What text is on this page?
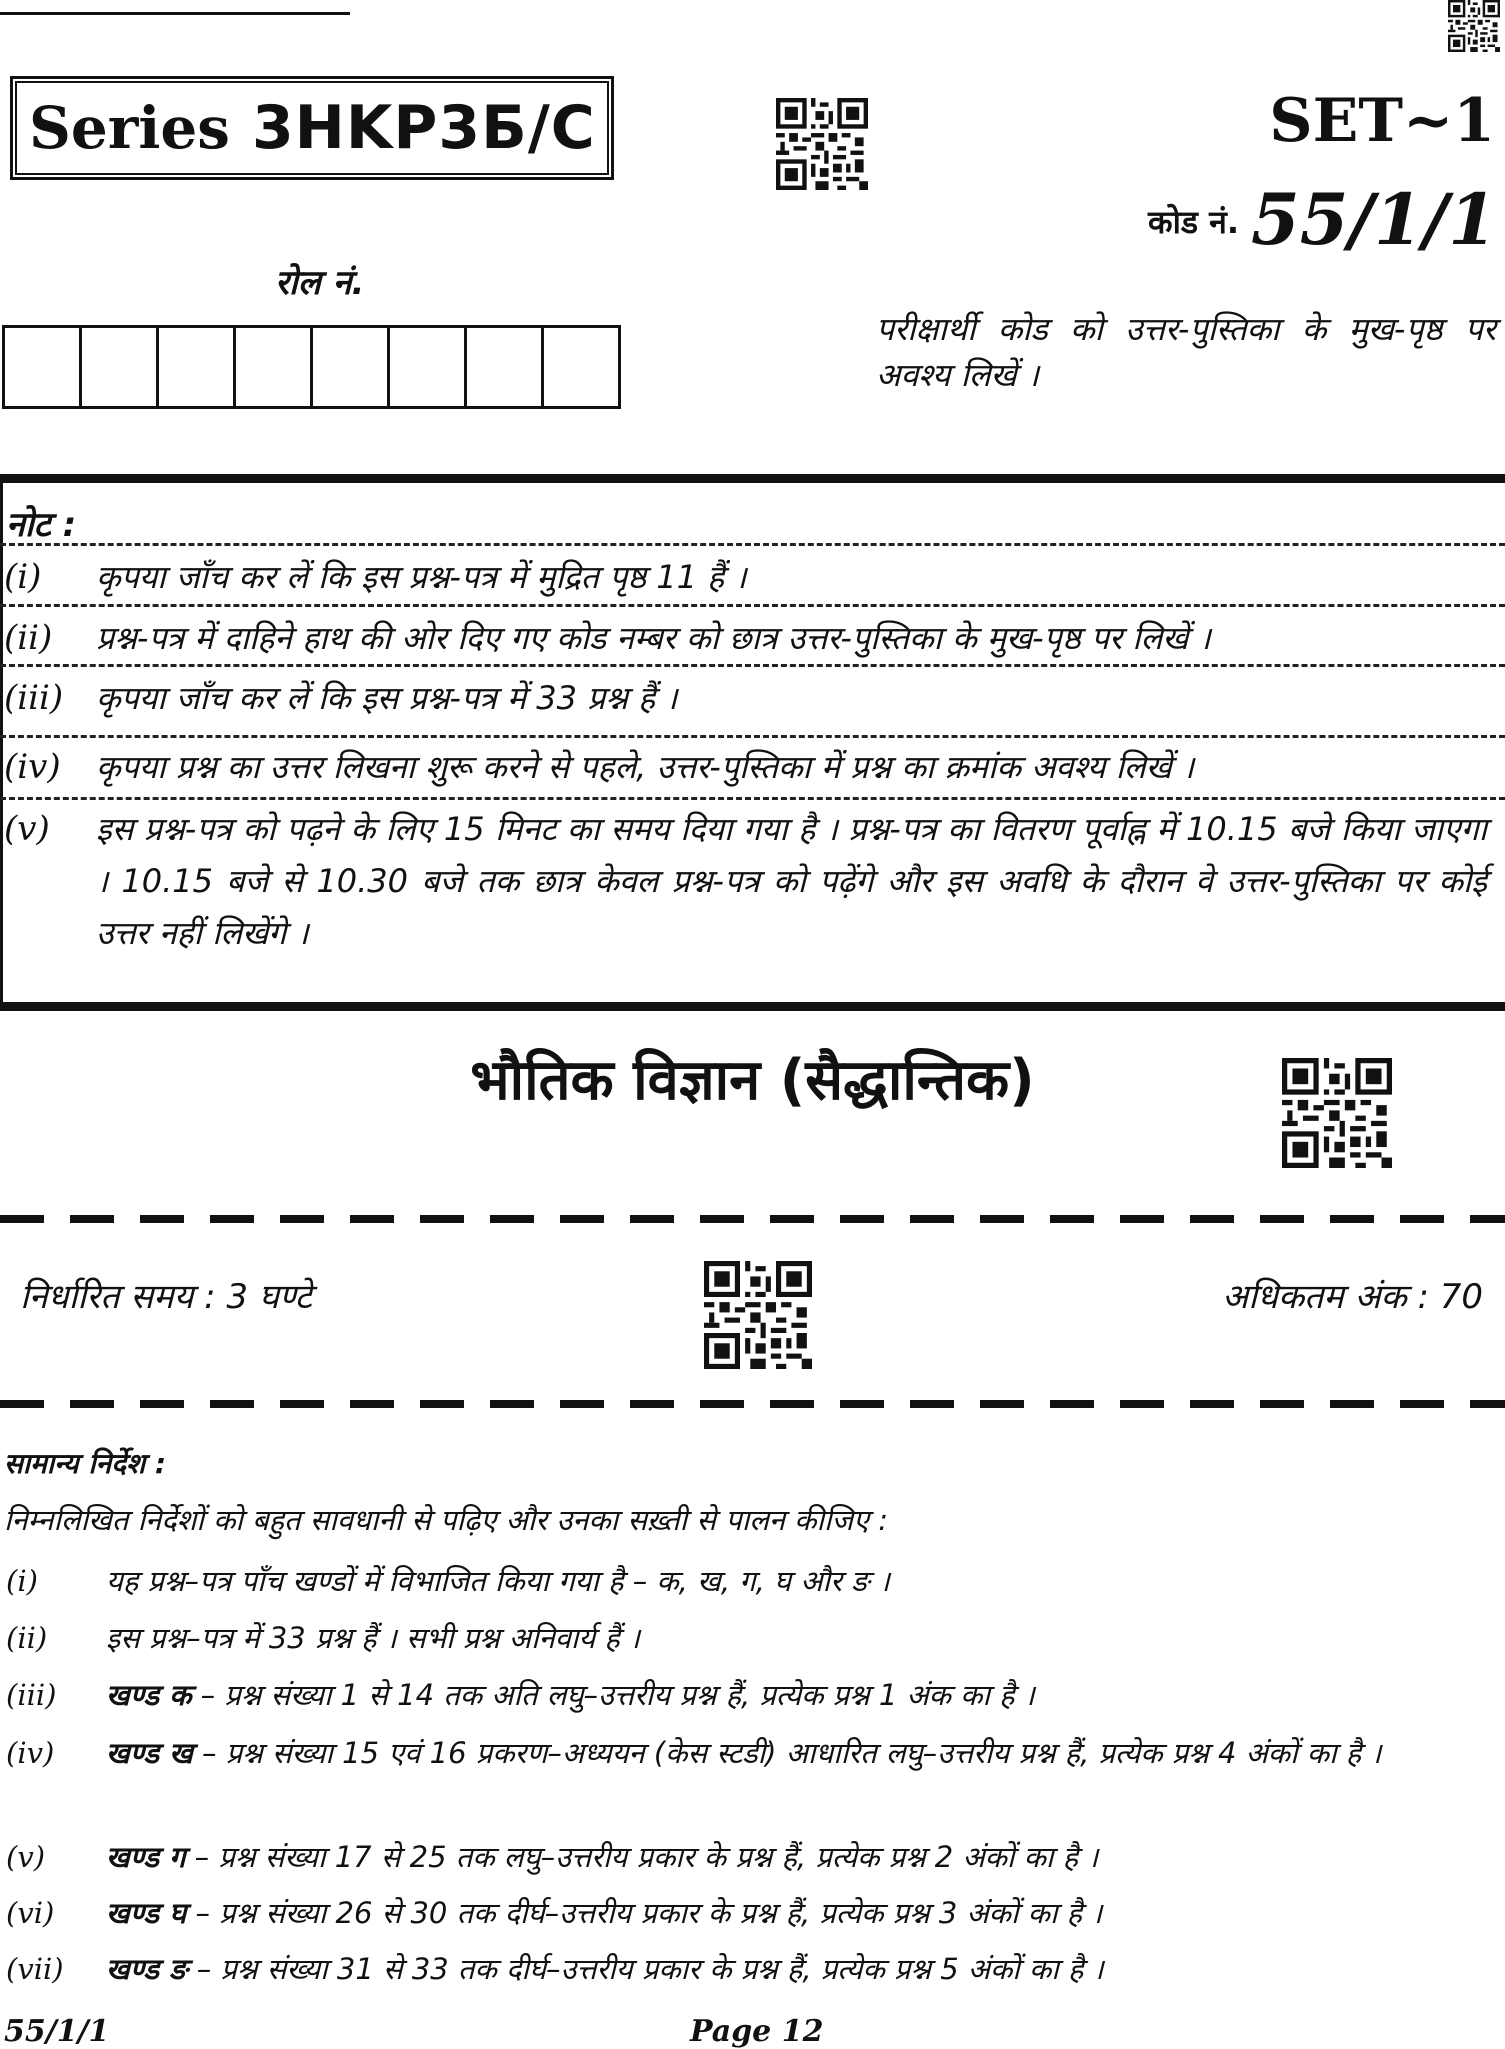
Series 3HKP3Б/C	SET~1
कोड नं. 55/1/1
रोल नं.
परीक्षार्थी कोड को उत्तर-पुस्तिका के मुख-पृष्ठ पर अवश्य लिखें ।
नोट :
(i) कृपया जाँच कर लें कि इस प्रश्न-पत्र में मुद्रित पृष्ठ 11 हैं ।
(ii) प्रश्न-पत्र में दाहिने हाथ की ओर दिए गए कोड नम्बर को छात्र उत्तर-पुस्तिका के मुख-पृष्ठ पर लिखें ।
(iii) कृपया जाँच कर लें कि इस प्रश्न-पत्र में 33 प्रश्न हैं ।
(iv) कृपया प्रश्न का उत्तर लिखना शुरू करने से पहले, उत्तर-पुस्तिका में प्रश्न का क्रमांक अवश्य लिखें ।
(v) इस प्रश्न-पत्र को पढ़ने के लिए 15 मिनट का समय दिया गया है । प्रश्न-पत्र का वितरण पूर्वाह्न में 10.15 बजे किया जाएगा । 10.15 बजे से 10.30 बजे तक छात्र केवल प्रश्न-पत्र को पढ़ेंगे और इस अवधि के दौरान वे उत्तर-पुस्तिका पर कोई उत्तर नहीं लिखेंगे ।
भौतिक विज्ञान (सैद्धान्तिक)
निर्धारित समय : 3 घण्टे	अधिकतम अंक : 70
सामान्य निर्देश :
निम्नलिखित निर्देशों को बहुत सावधानी से पढ़िए और उनका सख़्ती से पालन कीजिए :
(i) यह प्रश्न–पत्र पाँच खण्डों में विभाजित किया गया है – क, ख, ग, घ और ङ ।
(ii) इस प्रश्न–पत्र में 33 प्रश्न हैं । सभी प्रश्न अनिवार्य हैं ।
(iii) खण्ड क – प्रश्न संख्या 1 से 14 तक अति लघु–उत्तरीय प्रश्न हैं, प्रत्येक प्रश्न 1 अंक का है ।
(iv) खण्ड ख – प्रश्न संख्या 15 एवं 16 प्रकरण–अध्ययन (केस स्टडी) आधारित लघु–उत्तरीय प्रश्न हैं, प्रत्येक प्रश्न 4 अंकों का है ।
(v) खण्ड ग – प्रश्न संख्या 17 से 25 तक लघु–उत्तरीय प्रकार के प्रश्न हैं, प्रत्येक प्रश्न 2 अंकों का है ।
(vi) खण्ड घ – प्रश्न संख्या 26 से 30 तक दीर्घ–उत्तरीय प्रकार के प्रश्न हैं, प्रत्येक प्रश्न 3 अंकों का है ।
(vii) खण्ड ङ – प्रश्न संख्या 31 से 33 तक दीर्घ–उत्तरीय प्रकार के प्रश्न हैं, प्रत्येक प्रश्न 5 अंकों का है ।
55/1/1	Page 12
